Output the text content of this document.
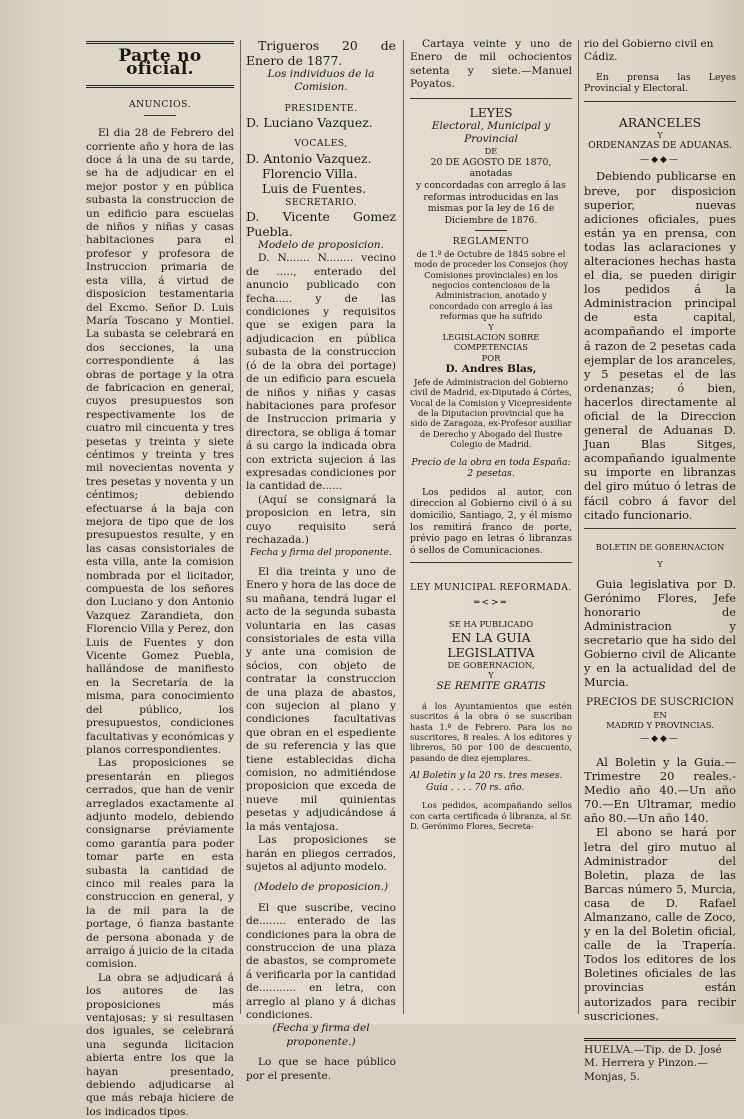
Parte no oficial.

ANUNCIOS.

El dia 28 de Febrero del corriente año y hora de las doce á la una de su tarde, se ha de adjudicar en el mejor postor y en pública subasta la construccion de un edificio para escuelas de niños y niñas y casas habitaciones para el profesor y profesora de Instruccion primaria de esta villa, á virtud de disposicion testamentaria del Excmo. Señor D. Luis María Toscano y Montiel. La subasta se celebrará en dos secciones, la una correspondiente á las obras de portage y la otra de fabricacion en general, cuyos presupuestos son respectivamente los de cuatro mil cincuenta y tres pesetas y treinta y siete céntimos y treinta y tres mil novecientas noventa y tres pesetas y noventa y un céntimos; debiendo efectuarse á la baja con mejora de tipo que de los presupuestos resulte, y en las casas consistoriales de esta villa, ante la comision nombrada por el licitador, compuesta de los señores don Luciano y don Antonio Vazquez Zarandieta, don Florencio Villa y Perez, don Luis de Fuentes y don Vicente Gomez Puebla, hallándose de manifiesto en la Secretaría de la misma, para conocimiento del público, los presupuestos, condiciones facultativas y económicas y planos correspondientes.

Las proposiciones se presentarán en pliegos cerrados, que han de venir arreglados exactamente al adjunto modelo, debiendo consignarse préviamente como garantía para poder tomar parte en esta subasta la cantidad de cinco mil reales para la construccion en general, y la de mil para la de portage, ó fianza bastante de persona abonada y de arraigo á juicio de la citada comision.

La obra se adjudicará á los autores de las proposiciones más ventajosas; y si resultasen dos iguales, se celebrará una segunda licitacion abierta entre los que la hayan presentado, debiendo adjudicarse al que más rebaja hiciere de los indicados tipos.

Trigueros 20 de Enero de 1877.

Los individuos de la Comision.

PRESIDENTE.

D. Luciano Vazquez.

VOCALES,

D. Antonio Vazquez.

Florencio Villa.

Luis de Fuentes.

SECRETARIO.

D. Vicente Gomez Puebla.

Modelo de proposicion.

D. N....... N........ vecino de ....., enterado del anuncio publicado con fecha..... y de las condiciones y requisitos que se exigen para la adjudicacion en pública subasta de la construccion (ó de la obra del portage) de un edificio para escuela de niños y niñas y casas habitaciones para profesor de Instruccion primaria y directora, se obliga á tomar á su cargo la indicada obra con extricta sujecion á las expresadas condiciones por la cantidad de......

(Aquí se consignará la proposicion en letra, sin cuyo requisito será rechazada.)

Fecha y firma del proponente.

El dia treinta y uno de Enero y hora de las doce de su mañana, tendrá lugar el acto de la segunda subasta voluntaria en las casas consistoriales de esta villa y ante una comision de sócios, con objeto de contratar la construccion de una plaza de abastos, con sujecion al plano y condiciones facultativas que obran en el espediente de su referencia y las que tiene establecidas dicha comision, no admitiéndose proposicion que exceda de nueve mil quinientas pesetas y adjudicándose á la más ventajosa.

Las proposiciones se harán en pliegos cerrados, sujetos al adjunto modelo.

(Modelo de proposicion.)

El que suscribe, vecino de........ enterado de las condiciones para la obra de construccion de una plaza de abastos, se compromete á verificarla por la cantidad de........... en letra, con arreglo al plano y á dichas condiciones.

(Fecha y firma del proponente.)

Lo que se hace público por el presente.

Cartaya veinte y uno de Enero de mil ochocientos setenta y siete.—Manuel Poyatos.

LEYES

Electoral, Municipal y Provincial

DE

20 DE AGOSTO DE 1870,

anotadas

y concordadas con arreglo á las reformas introducidas en las mismas por la ley de 16 de Diciembre de 1876.

REGLAMENTO

de 1.º de Octubre de 1845 sobre el modo de proceder los Consejos (hoy Comisiones provinciales) en los negocios contenciosos de la Administracion, anotado y concordado con arreglo á las reformas que ha sufrido

Y

LEGISLACION SOBRE COMPETENCIAS

POR

D. Andres Blas,

Jefe de Administracion del Gobierno civil de Madrid, ex-Diputado á Córtes, Vocal de la Comision y Vicepresidente de la Diputacion provincial que ha sido de Zaragoza, ex-Profesor auxiliar de Derecho y Abogado del Ilustre Colegio de Madrid.

Precio de la obra en toda España: 2 pesetas.

Los pedidos al autor, con direccion al Gobierno civil ó á su domicilio, Santiago, 2, y él mismo los remitirá franco de porte, prévio pago en letras ó libranzas ó sellos de Comunicaciones.

LEY MUNICIPAL REFORMADA.

═<>═

SE HA PUBLICADO

EN LA GUIA LEGISLATIVA

DE GOBERNACION,

Y

SE REMITE GRATIS

á los Ayuntamientos que estén suscritos á la obra ó se suscriban hasta 1.º de Febrero. Para los no suscritores, 8 reales. A los editores y libreros, 50 por 100 de descuento, pasando de diez ejemplares.

Al Boletin y la 20 rs. tres meses.

Guia . . . . 70 rs. año.

Los pedidos, acompañando sellos con carta certificada ó libranza, al Sr. D. Gerónimo Flores, Secreta-

rio del Gobierno civil en Cádiz.

En prensa las Leyes Provincial y Electoral.

ARANCELES

Y

ORDENANZAS DE ADUANAS.

—◆◆—

Debiendo publicarse en breve, por disposicion superior, nuevas adiciones oficiales, pues están ya en prensa, con todas las aclaraciones y alteraciones hechas hasta el dia, se pueden dirigir los pedidos á la Administracion principal de esta capital, acompañando el importe á razon de 2 pesetas cada ejemplar de los aranceles, y 5 pesetas el de las ordenanzas; ó bien, hacerlos directamente al oficial de la Direccion general de Aduanas D. Juan Blas Sitges, acompañando igualmente su importe en libranzas del giro mútuo ó letras de fácil cobro á favor del citado funcionario.

BOLETIN DE GOBERNACION

Y

Guia legislativa por D. Gerónimo Flores, Jefe honorario de Administracion y secretario que ha sido del Gobierno civil de Alicante y en la actualidad del de Murcia.

PRECIOS DE SUSCRICION

EN

MADRID Y PROVINCIAS.

—◆◆—

Al Boletin y la Guia.—Trimestre 20 reales.-Medio año 40.—Un año 70.—En Ultramar, medio año 80.—Un año 140.

El abono se hará por letra del giro mutuo al Administrador del Boletin, plaza de las Barcas número 5, Murcia, casa de D. Rafael Almanzano, calle de Zoco, y en la del Boletin oficial, calle de la Trapería. Todos los editores de los Boletines oficiales de las provincias están autorizados para recibir suscriciones.

HUELVA.—Tip. de D. José M. Herrera y Pinzon.—Monjas, 5.
